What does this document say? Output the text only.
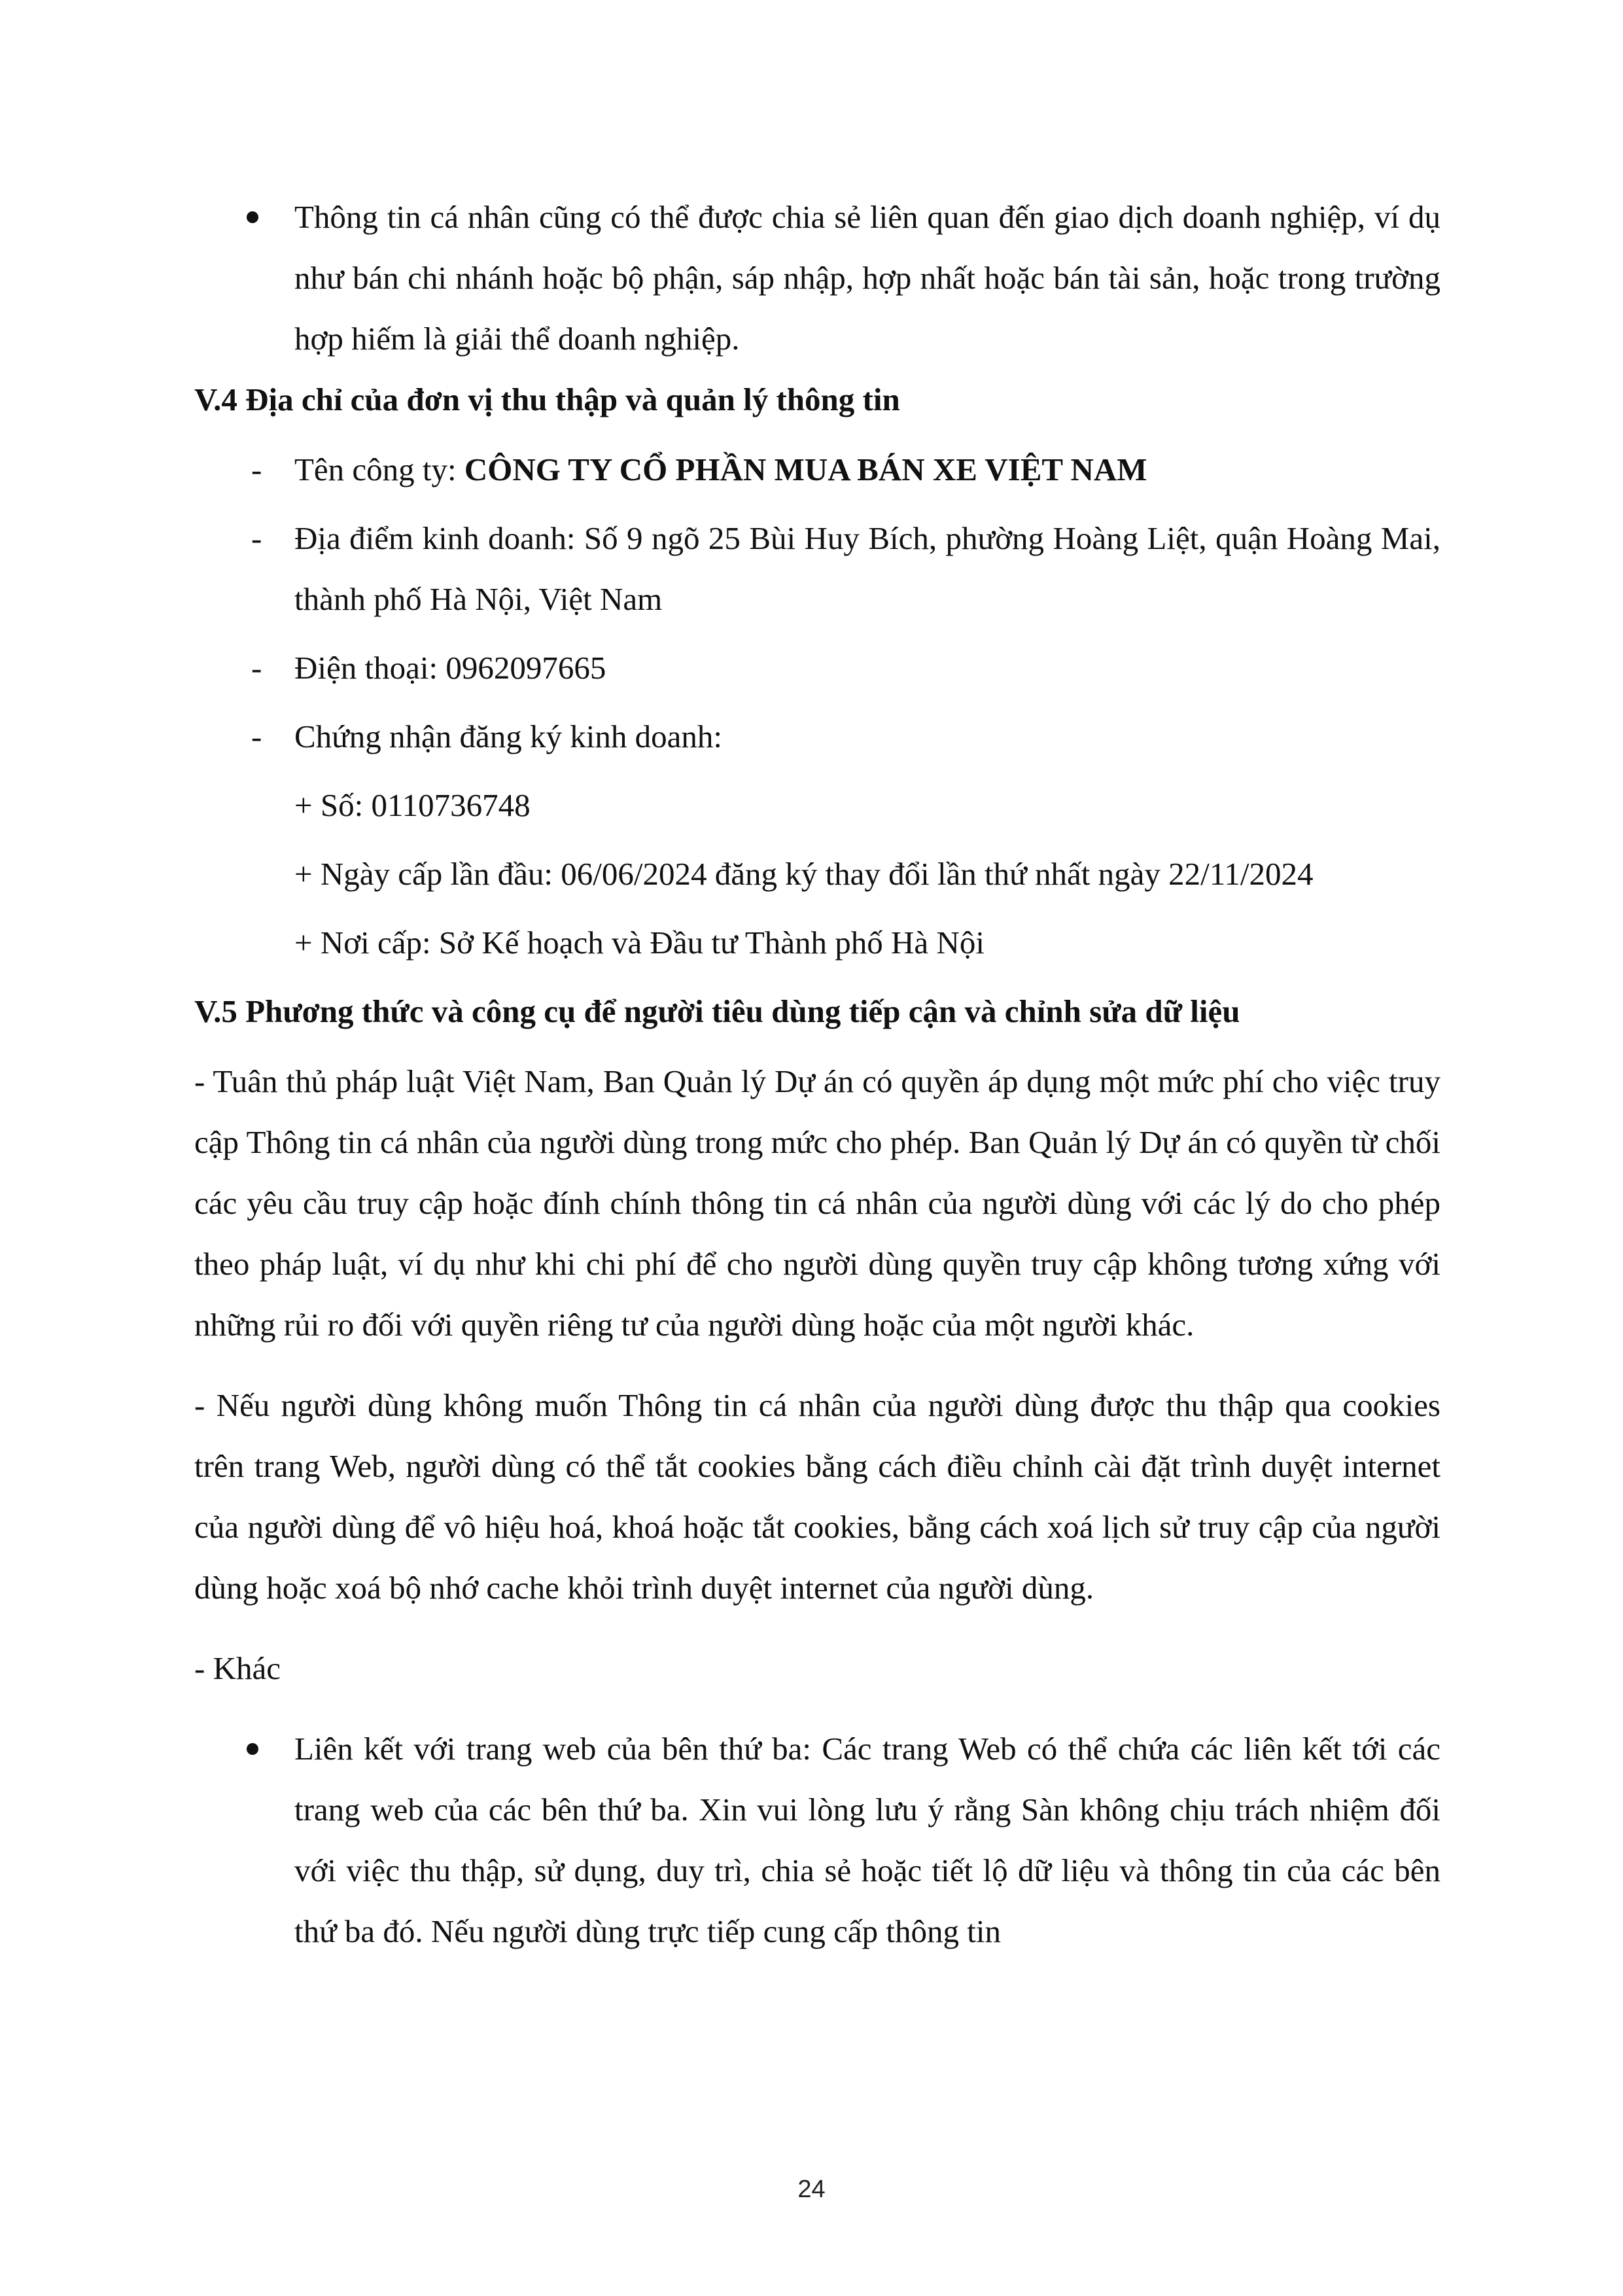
Thông tin cá nhân cũng có thể được chia sẻ liên quan đến giao dịch doanh nghiệp, ví dụ như bán chi nhánh hoặc bộ phận, sáp nhập, hợp nhất hoặc bán tài sản, hoặc trong trường hợp hiếm là giải thể doanh nghiệp.

V.4 Địa chỉ của đơn vị thu thập và quản lý thông tin

- Tên công ty: CÔNG TY CỔ PHẦN MUA BÁN XE VIỆT NAM

- Địa điểm kinh doanh: Số 9 ngõ 25 Bùi Huy Bích, phường Hoàng Liệt, quận Hoàng Mai, thành phố Hà Nội, Việt Nam

- Điện thoại: 0962097665

- Chứng nhận đăng ký kinh doanh:

+ Số: 0110736748

+ Ngày cấp lần đầu: 06/06/2024 đăng ký thay đổi lần thứ nhất ngày 22/11/2024

+ Nơi cấp: Sở Kế hoạch và Đầu tư Thành phố Hà Nội

V.5 Phương thức và công cụ để người tiêu dùng tiếp cận và chỉnh sửa dữ liệu

- Tuân thủ pháp luật Việt Nam, Ban Quản lý Dự án có quyền áp dụng một mức phí cho việc truy cập Thông tin cá nhân của người dùng trong mức cho phép. Ban Quản lý Dự án có quyền từ chối các yêu cầu truy cập hoặc đính chính thông tin cá nhân của người dùng với các lý do cho phép theo pháp luật, ví dụ như khi chi phí để cho người dùng quyền truy cập không tương xứng với những rủi ro đối với quyền riêng tư của người dùng hoặc của một người khác.

- Nếu người dùng không muốn Thông tin cá nhân của người dùng được thu thập qua cookies trên trang Web, người dùng có thể tắt cookies bằng cách điều chỉnh cài đặt trình duyệt internet của người dùng để vô hiệu hoá, khoá hoặc tắt cookies, bằng cách xoá lịch sử truy cập của người dùng hoặc xoá bộ nhớ cache khỏi trình duyệt internet của người dùng.

- Khác

Liên kết với trang web của bên thứ ba: Các trang Web có thể chứa các liên kết tới các trang web của các bên thứ ba. Xin vui lòng lưu ý rằng Sàn không chịu trách nhiệm đối với việc thu thập, sử dụng, duy trì, chia sẻ hoặc tiết lộ dữ liệu và thông tin của các bên thứ ba đó. Nếu người dùng trực tiếp cung cấp thông tin

24
